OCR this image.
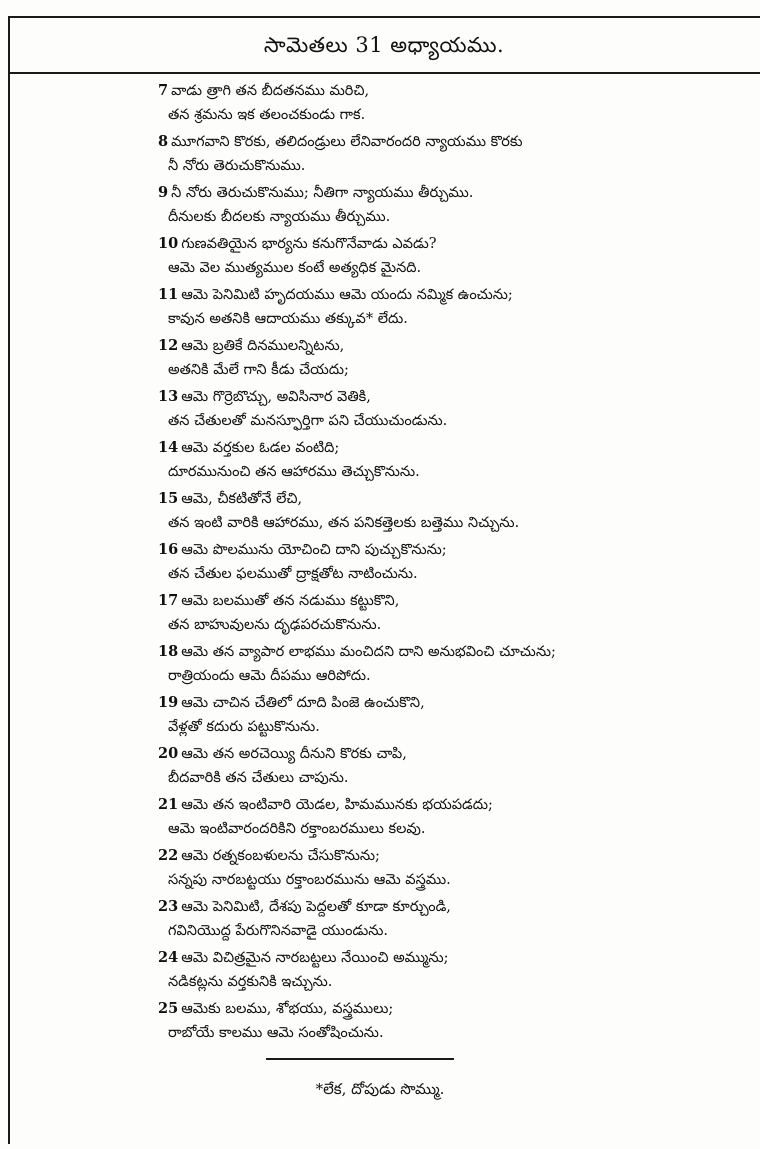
సామెతలు 31 అధ్యాయము.
7 వాడు త్రాగి తన బీదతనము మరిచి,
తన శ్రమను ఇక తలంచకుండు గాక.
8 మూగవాని కొరకు, తలిదండ్రులు లేనివారందరి న్యాయము కొరకు
నీ నోరు తెరుచుకొనుము.
9 నీ నోరు తెరుచుకొనుము; నీతిగా న్యాయము తీర్చుము.
దీనులకు బీదలకు న్యాయము తీర్చుము.
10 గుణవతియైన భార్యను కనుగొనేవాడు ఎవడు?
ఆమె వెల ముత్యముల కంటే అత్యధిక మైనది.
11 ఆమె పెనిమిటి హృదయము ఆమె యందు నమ్మిక ఉంచును;
కావున అతనికి ఆదాయము తక్కువ* లేదు.
12 ఆమె బ్రతికే దినములన్నిటను,
అతనికి మేలే గాని కీడు చేయదు;
13 ఆమె గొర్రెబొచ్చు, అవిసినార వెతికి,
తన చేతులతో మనస్ఫూర్తిగా పని చేయుచుండును.
14 ఆమె వర్తకుల ఓడల వంటిది;
దూరమునుంచి తన ఆహారము తెచ్చుకొనును.
15 ఆమె, చీకటితోనే లేచి,
తన ఇంటి వారికి ఆహారము, తన పనికత్తెలకు బత్తెము నిచ్చును.
16 ఆమె పొలమును యోచించి దాని పుచ్చుకొనును;
తన చేతుల ఫలముతో ద్రాక్షతోట నాటించును.
17 ఆమె బలముతో తన నడుము కట్టుకొని,
తన బాహువులను దృఢపరచుకొనును.
18 ఆమె తన వ్యాపార లాభము మంచిదని దాని అనుభవించి చూచును;
రాత్రియందు ఆమె దీపము ఆరిపోదు.
19 ఆమె చాచిన చేతిలో దూది పింజె ఉంచుకొని,
వేళ్లతో కదురు పట్టుకొనును.
20 ఆమె తన అరచెయ్యి దీనుని కొరకు చాపి,
బీదవారికి తన చేతులు చాపును.
21 ఆమె తన ఇంటివారి యెడల, హిమమునకు భయపడదు;
ఆమె ఇంటివారందరికిని రక్తాంబరములు కలవు.
22 ఆమె రత్నకంబళులను చేసుకొనును;
సన్నపు నారబట్టయు రక్తాంబరమును ఆమె వస్త్రము.
23 ఆమె పెనిమిటి, దేశపు పెద్దలతో కూడా కూర్చుండి,
గవినియొద్ద పేరుగొనినవాడై యుండును.
24 ఆమె విచిత్రమైన నారబట్టలు నేయించి అమ్మును;
నడికట్లను వర్తకునికి ఇచ్చును.
25 ఆమెకు బలము, శోభయు, వస్త్రములు;
రాబోయే కాలము ఆమె సంతోషించును.
*లేక, దోపుడు సొమ్ము.
